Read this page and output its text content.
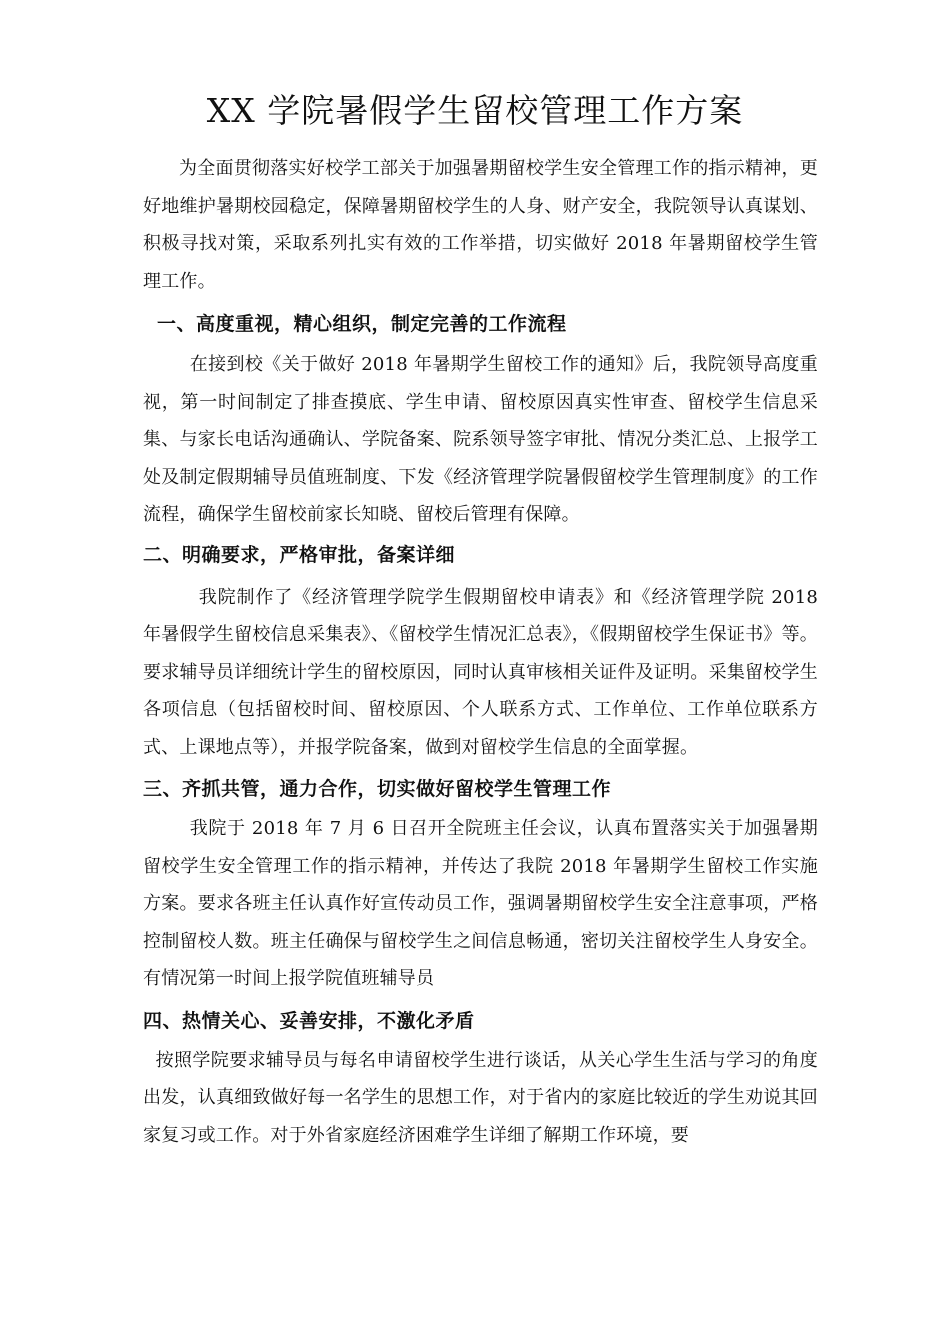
XX 学院暑假学生留校管理工作方案

为全面贯彻落实好校学工部关于加强暑期留校学生安全管理工作的指示精神，更好地维护暑期校园稳定，保障暑期留校学生的人身、财产安全，我院领导认真谋划、积极寻找对策，采取系列扎实有效的工作举措，切实做好 2018 年暑期留校学生管理工作。

一、高度重视，精心组织，制定完善的工作流程

在接到校《关于做好 2018 年暑期学生留校工作的通知》后，我院领导高度重视，第一时间制定了排查摸底、学生申请、留校原因真实性审查、留校学生信息采集、与家长电话沟通确认、学院备案、院系领导签字审批、情况分类汇总、上报学工处及制定假期辅导员值班制度、下发《经济管理学院暑假留校学生管理制度》的工作流程，确保学生留校前家长知晓、留校后管理有保障。

二、明确要求，严格审批，备案详细

我院制作了《经济管理学院学生假期留校申请表》和《经济管理学院 2018 年暑假学生留校信息采集表》、《留校学生情况汇总表》，《假期留校学生保证书》等。要求辅导员详细统计学生的留校原因，同时认真审核相关证件及证明。采集留校学生各项信息（包括留校时间、留校原因、个人联系方式、工作单位、工作单位联系方式、上课地点等），并报学院备案，做到对留校学生信息的全面掌握。

三、齐抓共管，通力合作，切实做好留校学生管理工作

我院于 2018 年 7 月 6 日召开全院班主任会议，认真布置落实关于加强暑期留校学生安全管理工作的指示精神，并传达了我院 2018 年暑期学生留校工作实施方案。要求各班主任认真作好宣传动员工作，强调暑期留校学生安全注意事项，严格控制留校人数。班主任确保与留校学生之间信息畅通，密切关注留校学生人身安全。有情况第一时间上报学院值班辅导员

四、热情关心、妥善安排，不激化矛盾

按照学院要求辅导员与每名申请留校学生进行谈话，从关心学生生活与学习的角度出发，认真细致做好每一名学生的思想工作，对于省内的家庭比较近的学生劝说其回家复习或工作。对于外省家庭经济困难学生详细了解期工作环境，要
